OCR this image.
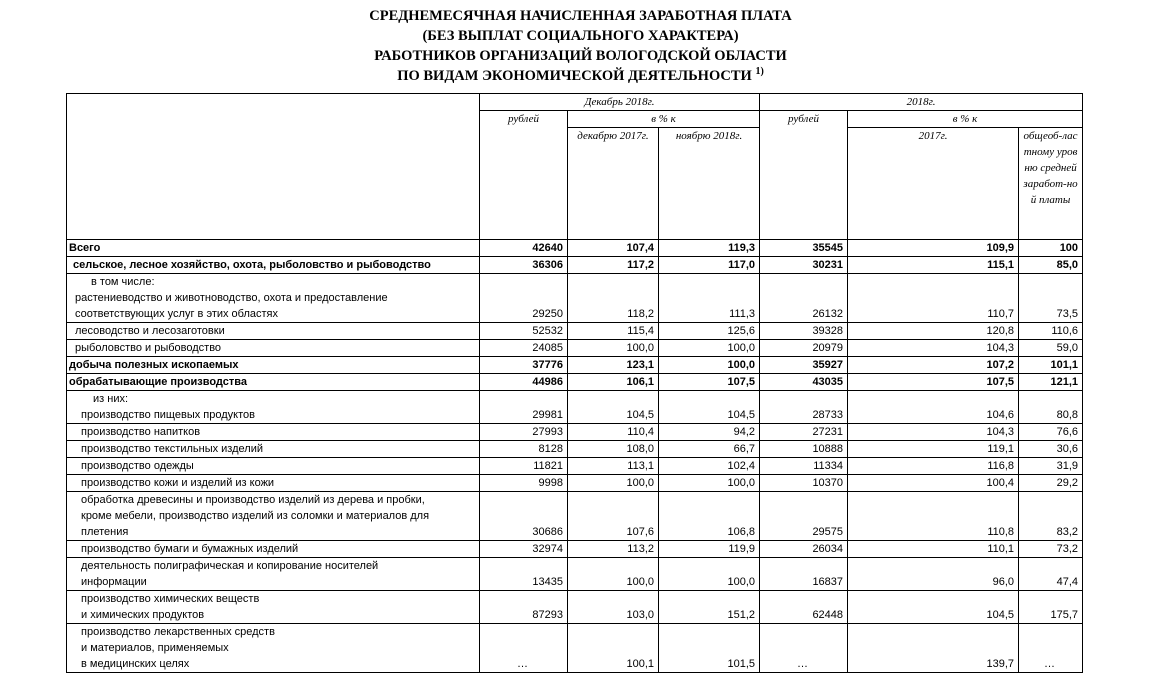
СРЕДНЕМЕСЯЧНАЯ НАЧИСЛЕННАЯ ЗАРАБОТНАЯ ПЛАТА
(БЕЗ ВЫПЛАТ СОЦИАЛЬНОГО ХАРАКТЕРА)
РАБОТНИКОВ ОРГАНИЗАЦИЙ ВОЛОГОДСКОЙ ОБЛАСТИ
ПО ВИДАМ ЭКОНОМИЧЕСКОЙ ДЕЯТЕЛЬНОСТИ $^{1)}$
	Декабрь 2018г.			2018г.		
	рублей	в % к		рублей	в % к	
		декабрю 2017г.	ноябрю 2018г.		2017г.	общеоб-ластному уровню средней заработ-ной платы
Всего	42640	107,4	119,3	35545	109,9	100
сельское, лесное хозяйство, охота, рыболовство и рыбоводство	36306	117,2	117,0	30231	115,1	85,0

в том числе:
растениеводство и животноводство, охота и предоставление
соответствующих услуг в этих областях	29250	118,2	111,3	26132	110,7	73,5
лесоводство и лесозаготовки	52532	115,4	125,6	39328	120,8	110,6
рыболовство и рыбоводство	24085	100,0	100,0	20979	104,3	59,0
добыча полезных ископаемых	37776	123,1	100,0	35927	107,2	101,1
обрабатывающие производства	44986	106,1	107,5	43035	107,5	121,1

из них:
производство пищевых продуктов	29981	104,5	104,5	28733	104,6	80,8
производство напитков	27993	110,4	94,2	27231	104,3	76,6
производство текстильных изделий	8128	108,0	66,7	10888	119,1	30,6
производство одежды	11821	113,1	102,4	11334	116,8	31,9
производство кожи и изделий из кожи	9998	100,0	100,0	10370	100,4	29,2

обработка древесины и производство изделий из дерева и пробки,
кроме мебели, производство изделий из соломки и материалов для
плетения	30686	107,6	106,8	29575	110,8	83,2
производство бумаги и бумажных изделий	32974	113,2	119,9	26034	110,1	73,2

деятельность полиграфическая и копирование носителей
информации	13435	100,0	100,0	16837	96,0	47,4

производство химических веществ
и химических продуктов	87293	103,0	151,2	62448	104,5	175,7

производство лекарственных средств
и материалов, применяемых
в медицинских целях	…	100,1	101,5	…	139,7	…
